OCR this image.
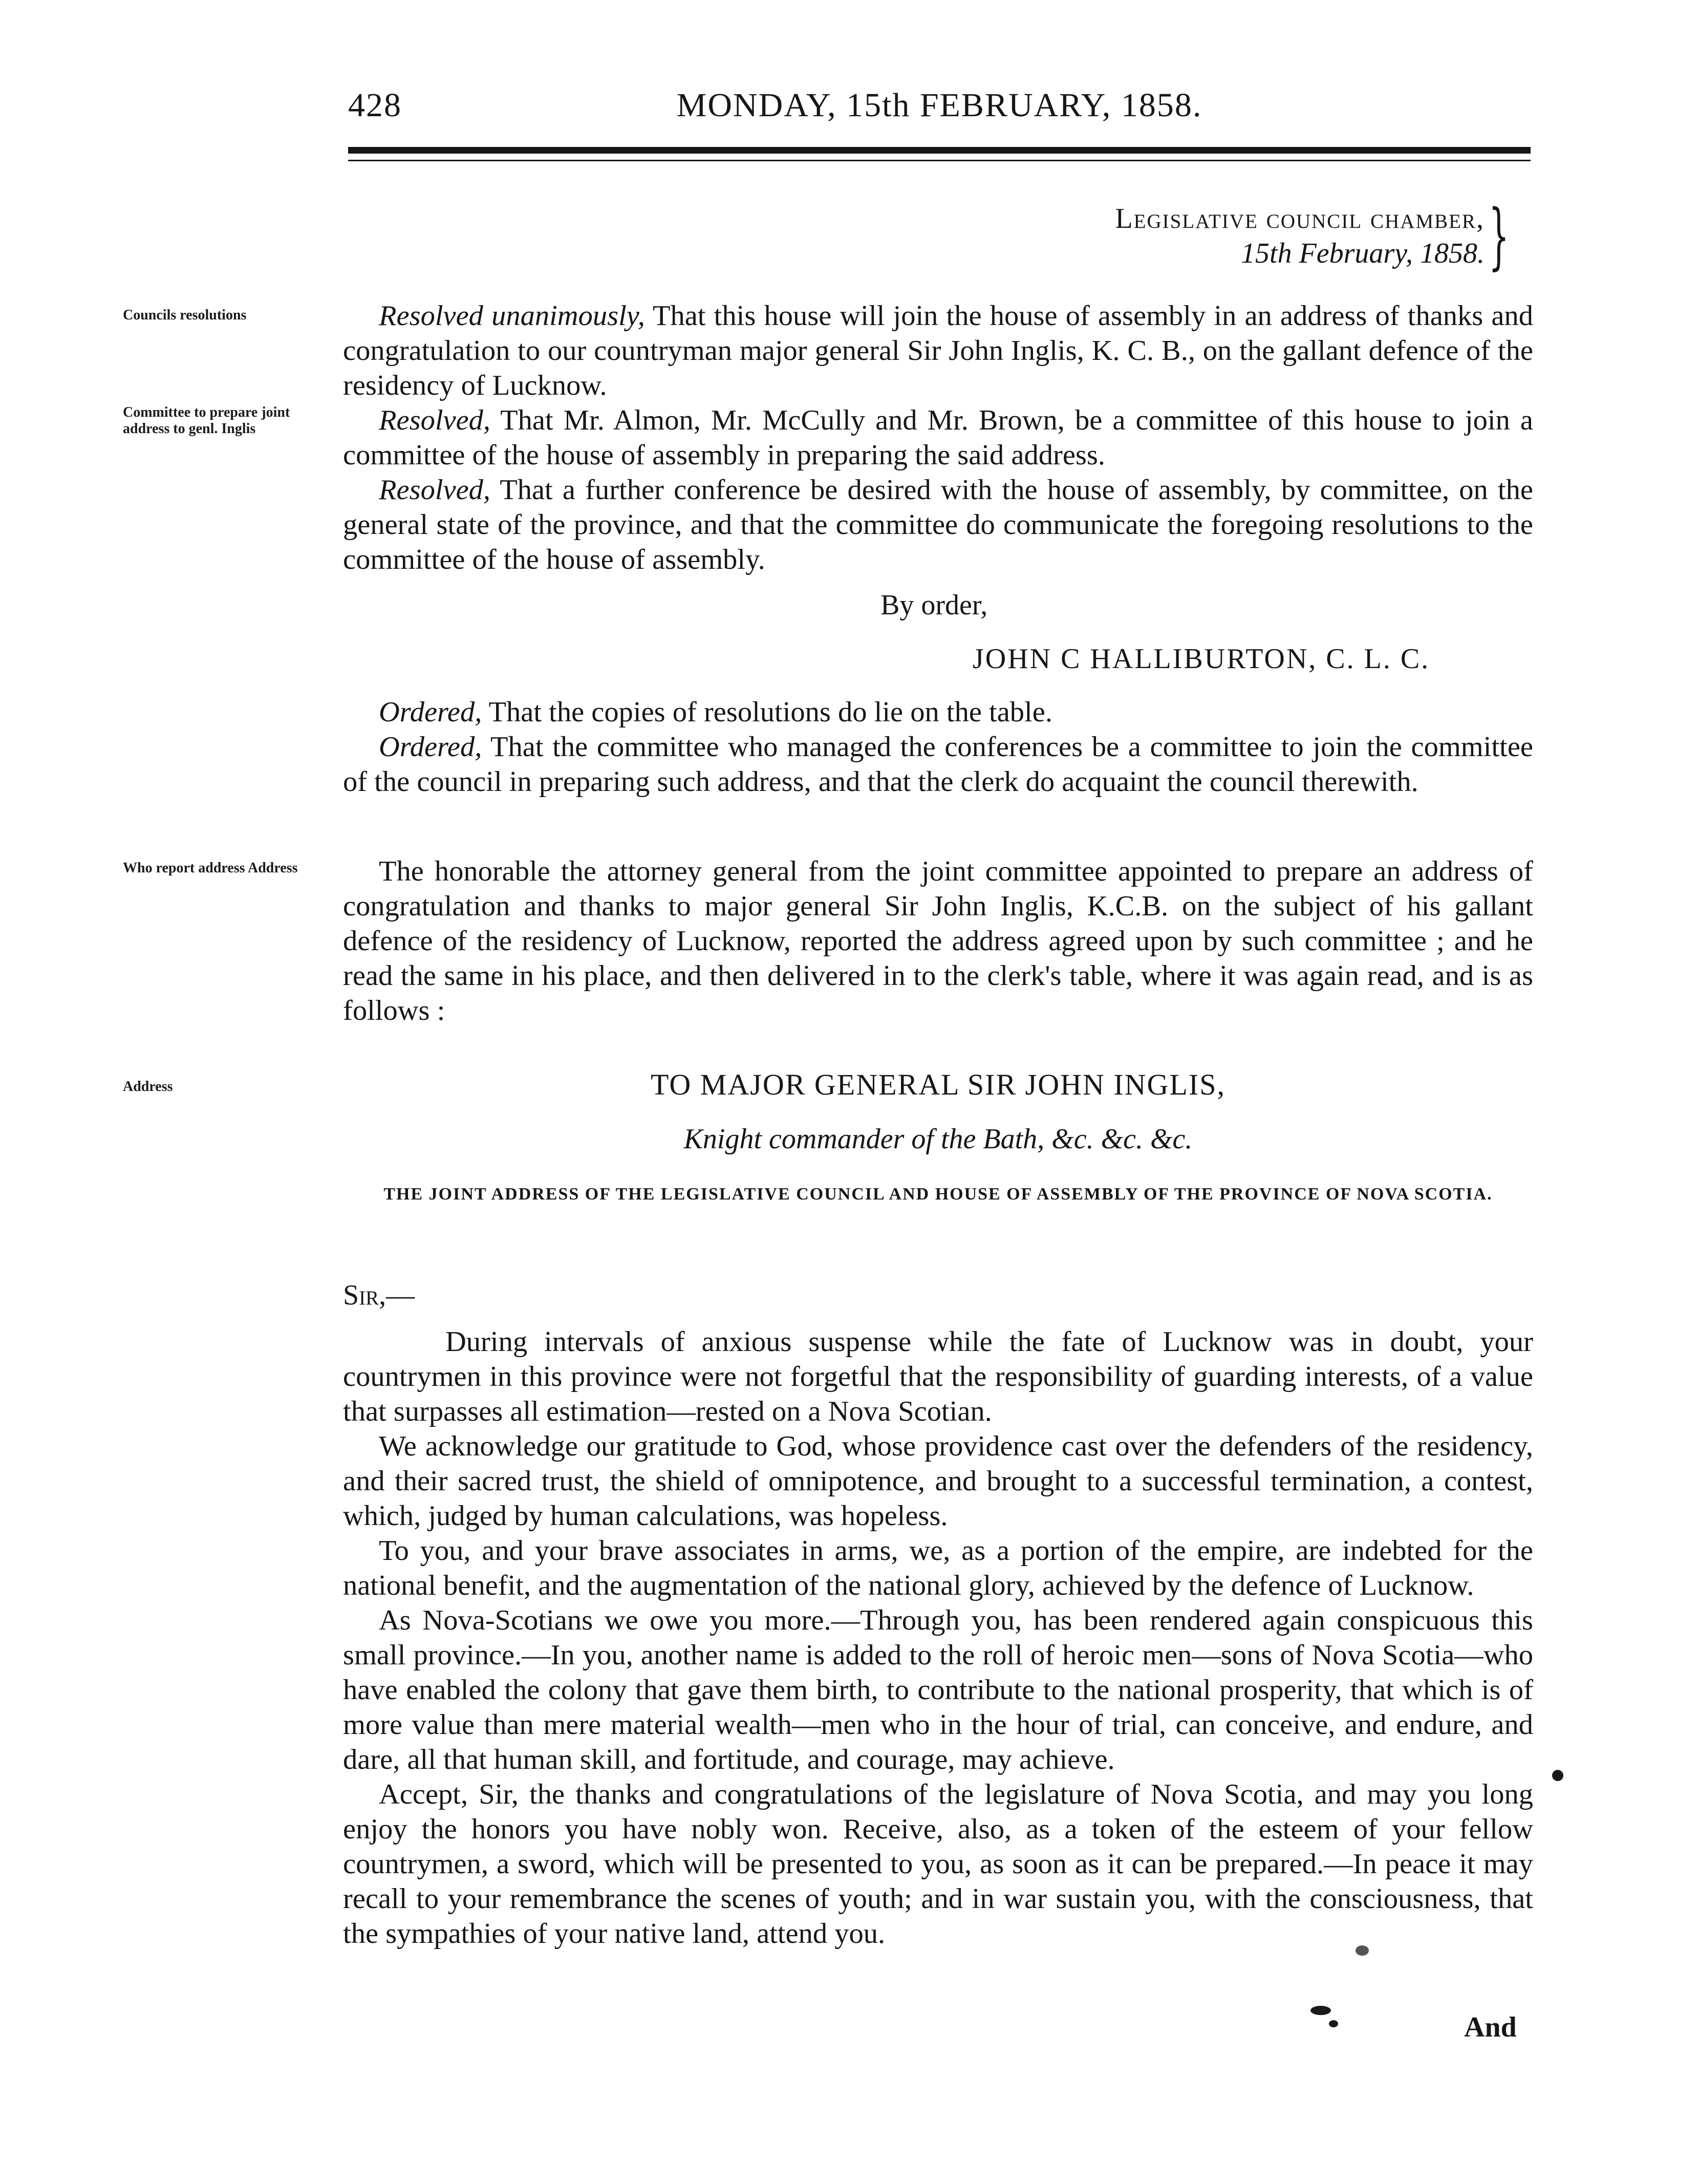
428	MONDAY, 15th FEBRUARY, 1858.
Councils resolutions
Committee to prepare joint address to genl. Inglis
Who report address Address
Address
Legislative council chamber,
15th February, 1858. }
Resolved unanimously, That this house will join the house of assembly in an address of thanks and congratulation to our countryman major general Sir John Inglis, K. C. B., on the gallant defence of the residency of Lucknow.
Resolved, That Mr. Almon, Mr. McCully and Mr. Brown, be a committee of this house to join a committee of the house of assembly in preparing the said address.
Resolved, That a further conference be desired with the house of assembly, by committee, on the general state of the province, and that the committee do communicate the foregoing resolutions to the committee of the house of assembly.
By order,
JOHN C HALLIBURTON, C. L. C.
Ordered, That the copies of resolutions do lie on the table.
Ordered, That the committee who managed the conferences be a committee to join the committee of the council in preparing such address, and that the clerk do acquaint the council therewith.
The honorable the attorney general from the joint committee appointed to prepare an address of congratulation and thanks to major general Sir John Inglis, K.C.B. on the subject of his gallant defence of the residency of Lucknow, reported the address agreed upon by such committee ; and he read the same in his place, and then delivered in to the clerk's table, where it was again read, and is as follows :
TO MAJOR GENERAL SIR JOHN INGLIS,
Knight commander of the Bath, &c. &c. &c.
THE JOINT ADDRESS OF THE LEGISLATIVE COUNCIL AND HOUSE OF ASSEMBLY OF THE PROVINCE OF NOVA SCOTIA.
Sir,—
During intervals of anxious suspense while the fate of Lucknow was in doubt, your countrymen in this province were not forgetful that the responsibility of guarding interests, of a value that surpasses all estimation—rested on a Nova Scotian.
We acknowledge our gratitude to God, whose providence cast over the defenders of the residency, and their sacred trust, the shield of omnipotence, and brought to a successful termination, a contest, which, judged by human calculations, was hopeless.
To you, and your brave associates in arms, we, as a portion of the empire, are indebted for the national benefit, and the augmentation of the national glory, achieved by the defence of Lucknow.
As Nova-Scotians we owe you more.—Through you, has been rendered again conspicuous this small province.—In you, another name is added to the roll of heroic men—sons of Nova Scotia—who have enabled the colony that gave them birth, to contribute to the national prosperity, that which is of more value than mere material wealth—men who in the hour of trial, can conceive, and endure, and dare, all that human skill, and fortitude, and courage, may achieve.
Accept, Sir, the thanks and congratulations of the legislature of Nova Scotia, and may you long enjoy the honors you have nobly won. Receive, also, as a token of the esteem of your fellow countrymen, a sword, which will be presented to you, as soon as it can be prepared.—In peace it may recall to your remembrance the scenes of youth; and in war sustain you, with the consciousness, that the sympathies of your native land, attend you.
And
